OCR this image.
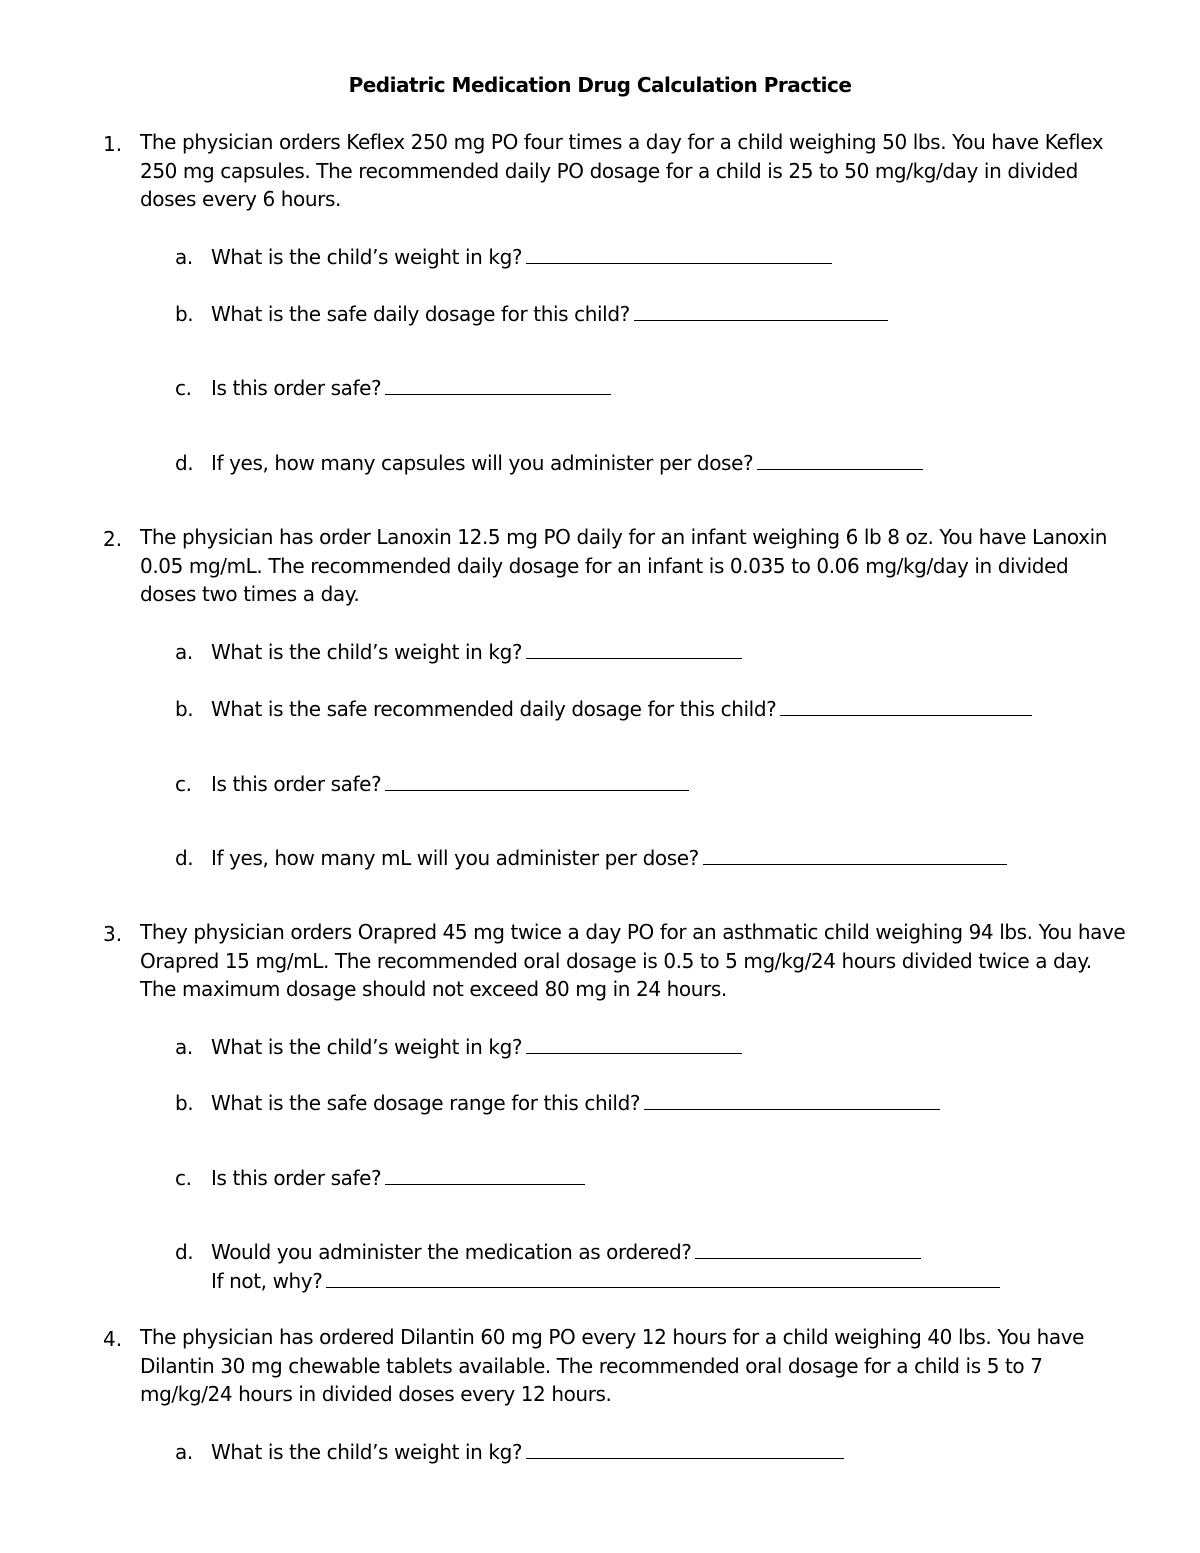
Pediatric Medication Drug Calculation Practice
1. The physician orders Keflex 250 mg PO four times a day for a child weighing 50 lbs. You have Keflex 250 mg capsules. The recommended daily PO dosage for a child is 25 to 50 mg/kg/day in divided doses every 6 hours.
a. What is the child’s weight in kg?
b. What is the safe daily dosage for this child?
c. Is this order safe?
d. If yes, how many capsules will you administer per dose?
2. The physician has order Lanoxin 12.5 mg PO daily for an infant weighing 6 lb 8 oz. You have Lanoxin 0.05 mg/mL. The recommended daily dosage for an infant is 0.035 to 0.06 mg/kg/day in divided doses two times a day.
a. What is the child’s weight in kg?
b. What is the safe recommended daily dosage for this child?
c. Is this order safe?
d. If yes, how many mL will you administer per dose?
3. They physician orders Orapred 45 mg twice a day PO for an asthmatic child weighing 94 lbs. You have Orapred 15 mg/mL. The recommended oral dosage is 0.5 to 5 mg/kg/24 hours divided twice a day. The maximum dosage should not exceed 80 mg in 24 hours.
a. What is the child’s weight in kg?
b. What is the safe dosage range for this child?
c. Is this order safe?
d. Would you administer the medication as ordered?
If not, why?
4. The physician has ordered Dilantin 60 mg PO every 12 hours for a child weighing 40 lbs. You have Dilantin 30 mg chewable tablets available. The recommended oral dosage for a child is 5 to 7 mg/kg/24 hours in divided doses every 12 hours.
a. What is the child’s weight in kg?
